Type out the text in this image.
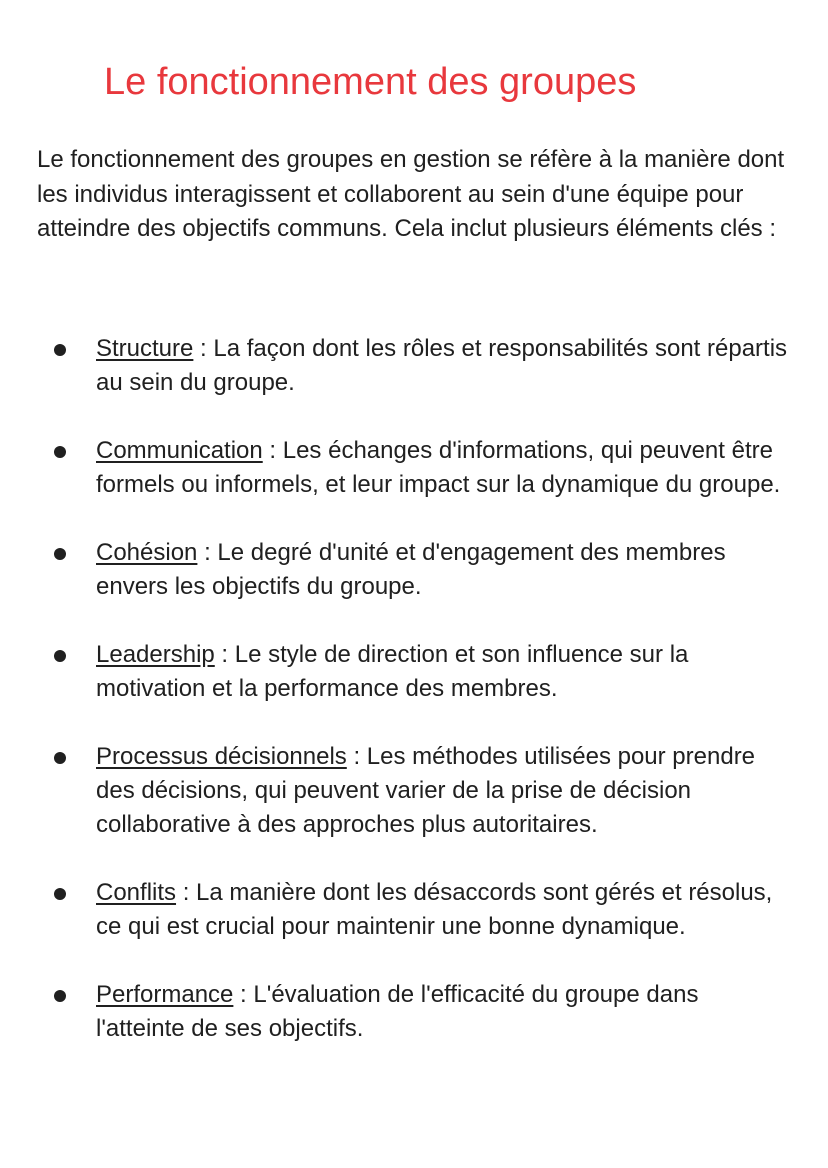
Le fonctionnement des groupes

Le fonctionnement des groupes en gestion se réfère à la manière dont les individus interagissent et collaborent au sein d'une équipe pour atteindre des objectifs communs. Cela inclut plusieurs éléments clés :

Structure : La façon dont les rôles et responsabilités sont répartis au sein du groupe.
Communication : Les échanges d'informations, qui peuvent être formels ou informels, et leur impact sur la dynamique du groupe.
Cohésion : Le degré d'unité et d'engagement des membres envers les objectifs du groupe.
Leadership : Le style de direction et son influence sur la motivation et la performance des membres.
Processus décisionnels : Les méthodes utilisées pour prendre des décisions, qui peuvent varier de la prise de décision collaborative à des approches plus autoritaires.
Conflits : La manière dont les désaccords sont gérés et résolus, ce qui est crucial pour maintenir une bonne dynamique.
Performance : L'évaluation de l'efficacité du groupe dans l'atteinte de ses objectifs.
